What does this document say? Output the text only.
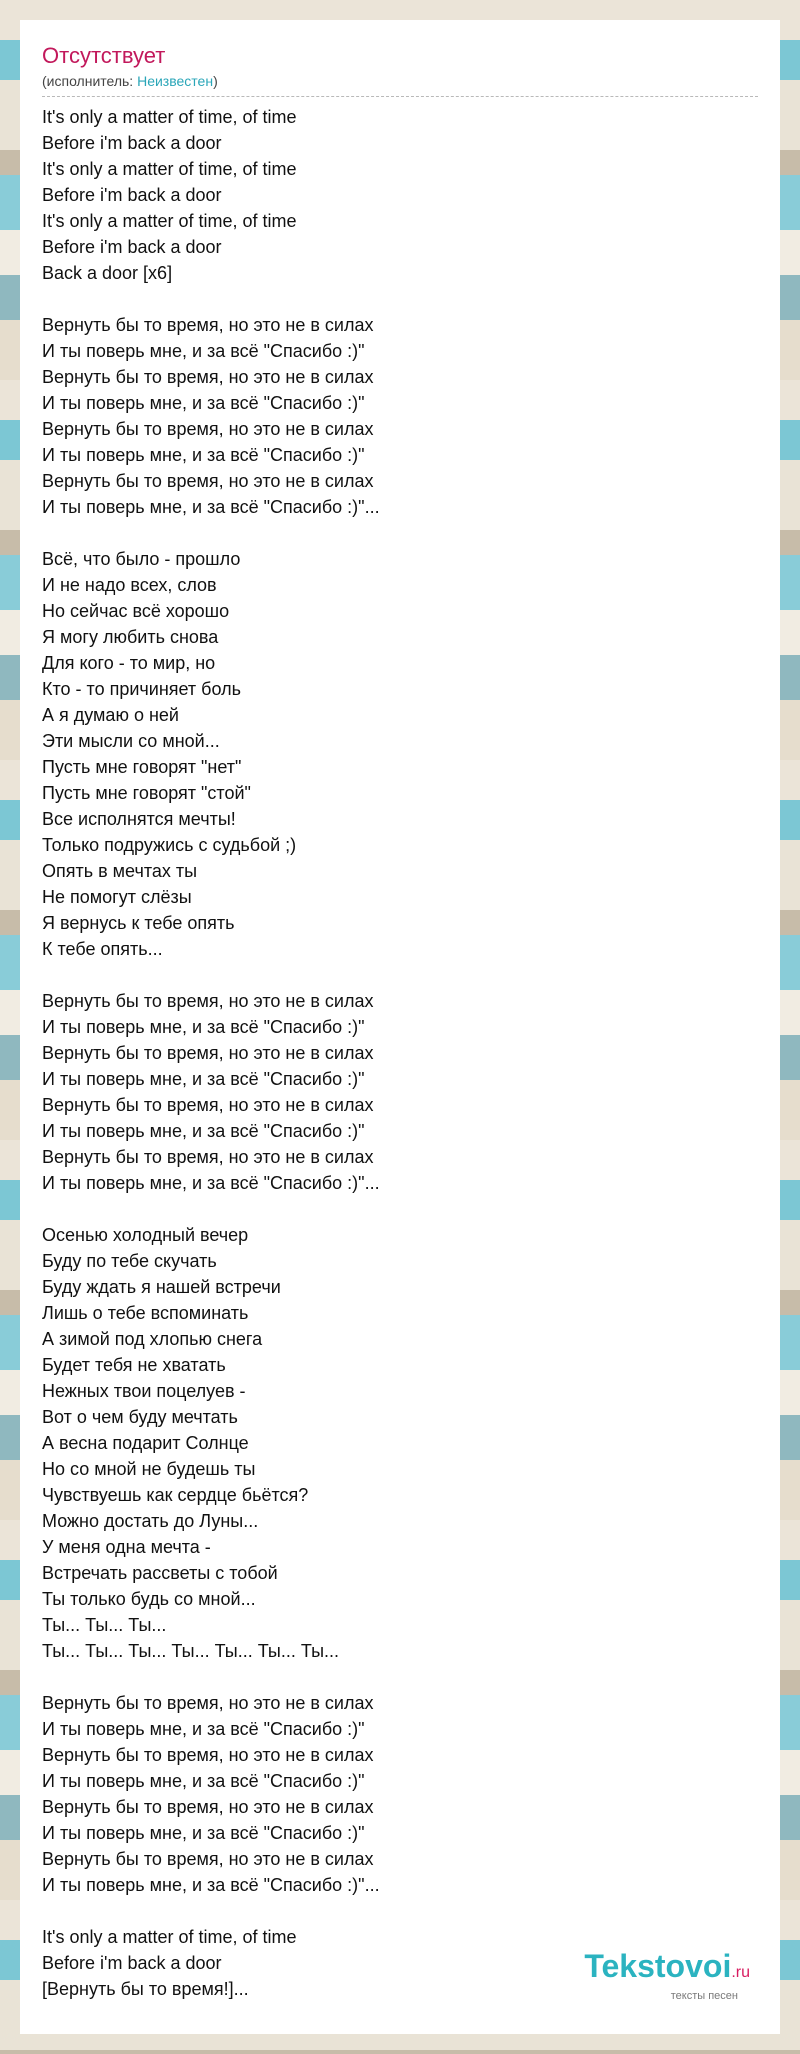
Отсутствует
(исполнитель: Неизвестен)
It's only a matter of time, of time
Before i'm back a door
It's only a matter of time, of time
Before i'm back a door
It's only a matter of time, of time
Before i'm back a door
Back a door [x6]
Вернуть бы то время, но это не в силах
И ты поверь мне, и за всё "Спасибо :)"
Вернуть бы то время, но это не в силах
И ты поверь мне, и за всё "Спасибо :)"
Вернуть бы то время, но это не в силах
И ты поверь мне, и за всё "Спасибо :)"
Вернуть бы то время, но это не в силах
И ты поверь мне, и за всё "Спасибо :)"...
Всё, что было - прошло
И не надо всех, слов
Но сейчас всё хорошо
Я могу любить снова
Для кого - то мир, но
Кто - то причиняет боль
А я думаю о ней
Эти мысли со мной...
Пусть мне говорят "нет"
Пусть мне говорят "стой"
Все исполнятся мечты!
Только подружись с судьбой ;)
Опять в мечтах ты
Не помогут слёзы
Я вернусь к тебе опять
К тебе опять...
Вернуть бы то время, но это не в силах
И ты поверь мне, и за всё "Спасибо :)"
Вернуть бы то время, но это не в силах
И ты поверь мне, и за всё "Спасибо :)"
Вернуть бы то время, но это не в силах
И ты поверь мне, и за всё "Спасибо :)"
Вернуть бы то время, но это не в силах
И ты поверь мне, и за всё "Спасибо :)"...
Осенью холодный вечер
Буду по тебе скучать
Буду ждать я нашей встречи
Лишь о тебе вспоминать
А зимой под хлопью снега
Будет тебя не хватать
Нежных твои поцелуев -
Вот о чем буду мечтать
А весна подарит Солнце
Но со мной не будешь ты
Чувствуешь как сердце бьётся?
Можно достать до Луны...
У меня одна мечта -
Встречать рассветы с тобой
Ты только будь со мной...
Ты... Ты... Ты...
Ты... Ты... Ты... Ты... Ты... Ты... Ты...
Вернуть бы то время, но это не в силах
И ты поверь мне, и за всё "Спасибо :)"
Вернуть бы то время, но это не в силах
И ты поверь мне, и за всё "Спасибо :)"
Вернуть бы то время, но это не в силах
И ты поверь мне, и за всё "Спасибо :)"
Вернуть бы то время, но это не в силах
И ты поверь мне, и за всё "Спасибо :)"...
It's only a matter of time, of time
Before i'm back a door
[Вернуть бы то время!]...
Tekstovoi.ru
тексты песен
